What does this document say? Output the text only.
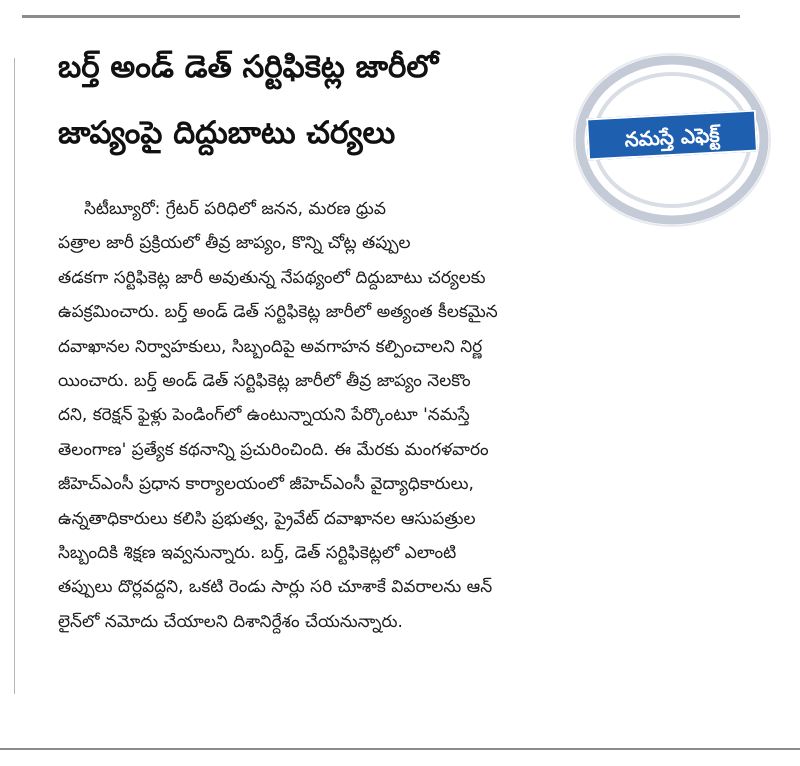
బర్త్ అండ్ డెత్ సర్టిఫికెట్ల జారీలో
జాప్యంపై దిద్దుబాటు చర్యలు	నమస్తే ఎఫెక్ట్

సిటీబ్యూరో: గ్రేటర్ పరిధిలో జనన, మరణ ధ్రువ

పత్రాల జారీ ప్రక్రియలో తీవ్ర జాప్యం, కొన్ని చోట్ల తప్పుల

తడకగా సర్టిఫికెట్ల జారీ అవుతున్న నేపథ్యంలో దిద్దుబాటు చర్యలకు

ఉపక్రమించారు. బర్త్ అండ్ డెత్ సర్టిఫికెట్ల జారీలో అత్యంత కీలకమైన

దవాఖానల నిర్వాహకులు, సిబ్బందిపై అవగాహన కల్పించాలని నిర్ణ

యించారు. బర్త్ అండ్ డెత్ సర్టిఫికెట్ల జారీలో తీవ్ర జాప్యం నెలకొం

దని, కరెక్షన్ ఫైళ్లు పెండింగ్‌లో ఉంటున్నాయని పేర్కొంటూ 'నమస్తే

తెలంగాణ' ప్రత్యేక కథనాన్ని ప్రచురించింది. ఈ మేరకు మంగళవారం

జీహెచ్ఎంసీ ప్రధాన కార్యాలయంలో జీహెచ్ఎంసీ వైద్యాధికారులు,

ఉన్నతాధికారులు కలిసి ప్రభుత్వ, ప్రైవేట్ దవాఖానల ఆసుపత్రుల

సిబ్బందికి శిక్షణ ఇవ్వనున్నారు. బర్త్, డెత్ సర్టిఫికెట్లలో ఎలాంటి

తప్పులు దొర్లవద్దని, ఒకటి రెండు సార్లు సరి చూశాకే వివరాలను ఆన్

లైన్‌లో నమోదు చేయాలని దిశానిర్దేశం చేయనున్నారు.
